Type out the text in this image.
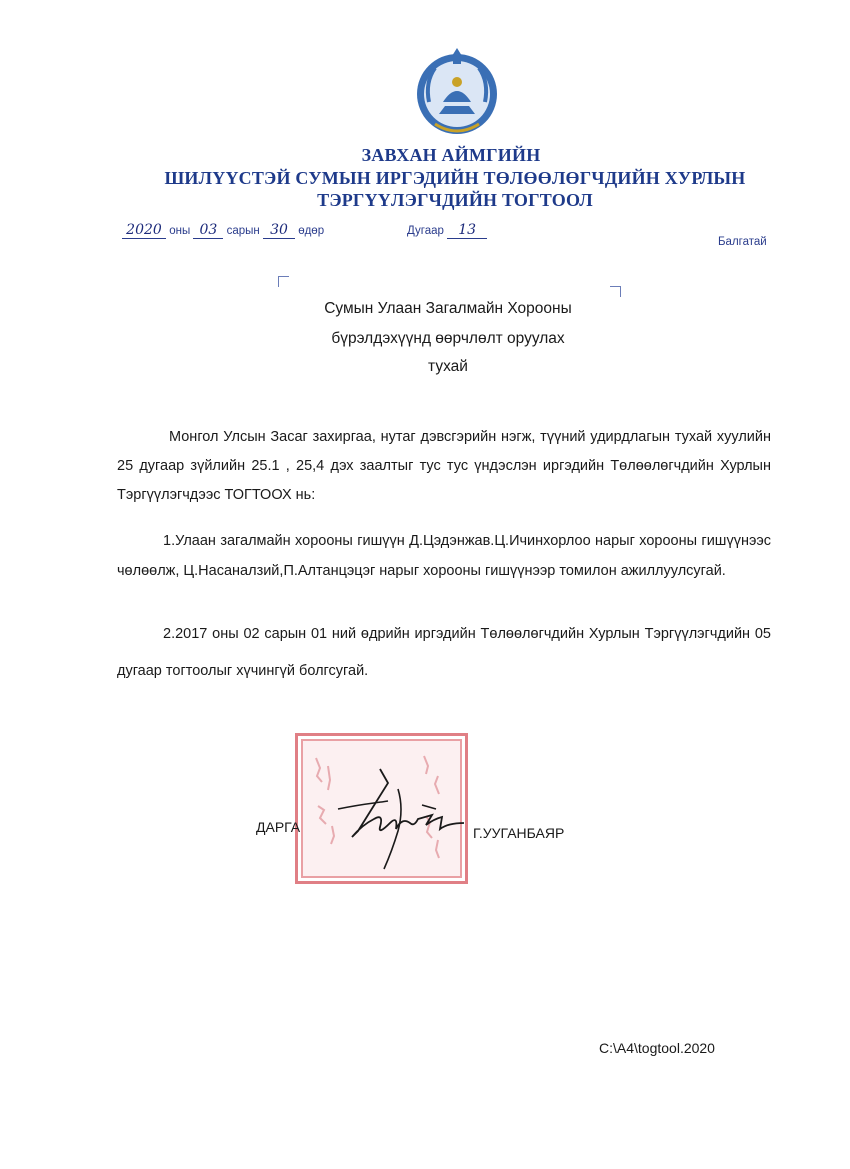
ЗАВХАН АЙМГИЙН
ШИЛҮҮСТЭЙ СУМЫН ИРГЭДИЙН ТӨЛӨӨЛӨГЧДИЙН ХУРЛЫН
ТЭРГҮҮЛЭГЧДИЙН ТОГТООЛ
2020 оны 03 сарын 30 өдөр	Дугаар 13
Балгатай
Сумын Улаан Загалмайн Хорооны
бүрэлдэхүүнд өөрчлөлт оруулах
тухай
Монгол Улсын Засаг захиргаа, нутаг дэвсгэрийн нэгж, түүний удирдлагын тухай хуулийн 25 дугаар зүйлийн 25.1 , 25,4 дэх заалтыг тус тус үндэслэн иргэдийн Төлөөлөгчдийн Хурлын Тэргүүлэгчдээс ТОГТООХ нь:
1.Улаан загалмайн хорооны гишүүн Д.Цэдэнжав.Ц.Ичинхорлоо нарыг хорооны гишүүнээс чөлөөлж, Ц.Насаналзий,П.Алтанцэцэг нарыг хорооны гишүүнээр томилон ажиллуулсугай.
2.2017 оны 02 сарын 01 ний өдрийн иргэдийн Төлөөлөгчдийн Хурлын Тэргүүлэгчдийн 05 дугаар тогтоолыг хүчингүй болгсугай.
ДАРГА	Г.УУГАНБАЯР
C:\A4\togtool.2020
